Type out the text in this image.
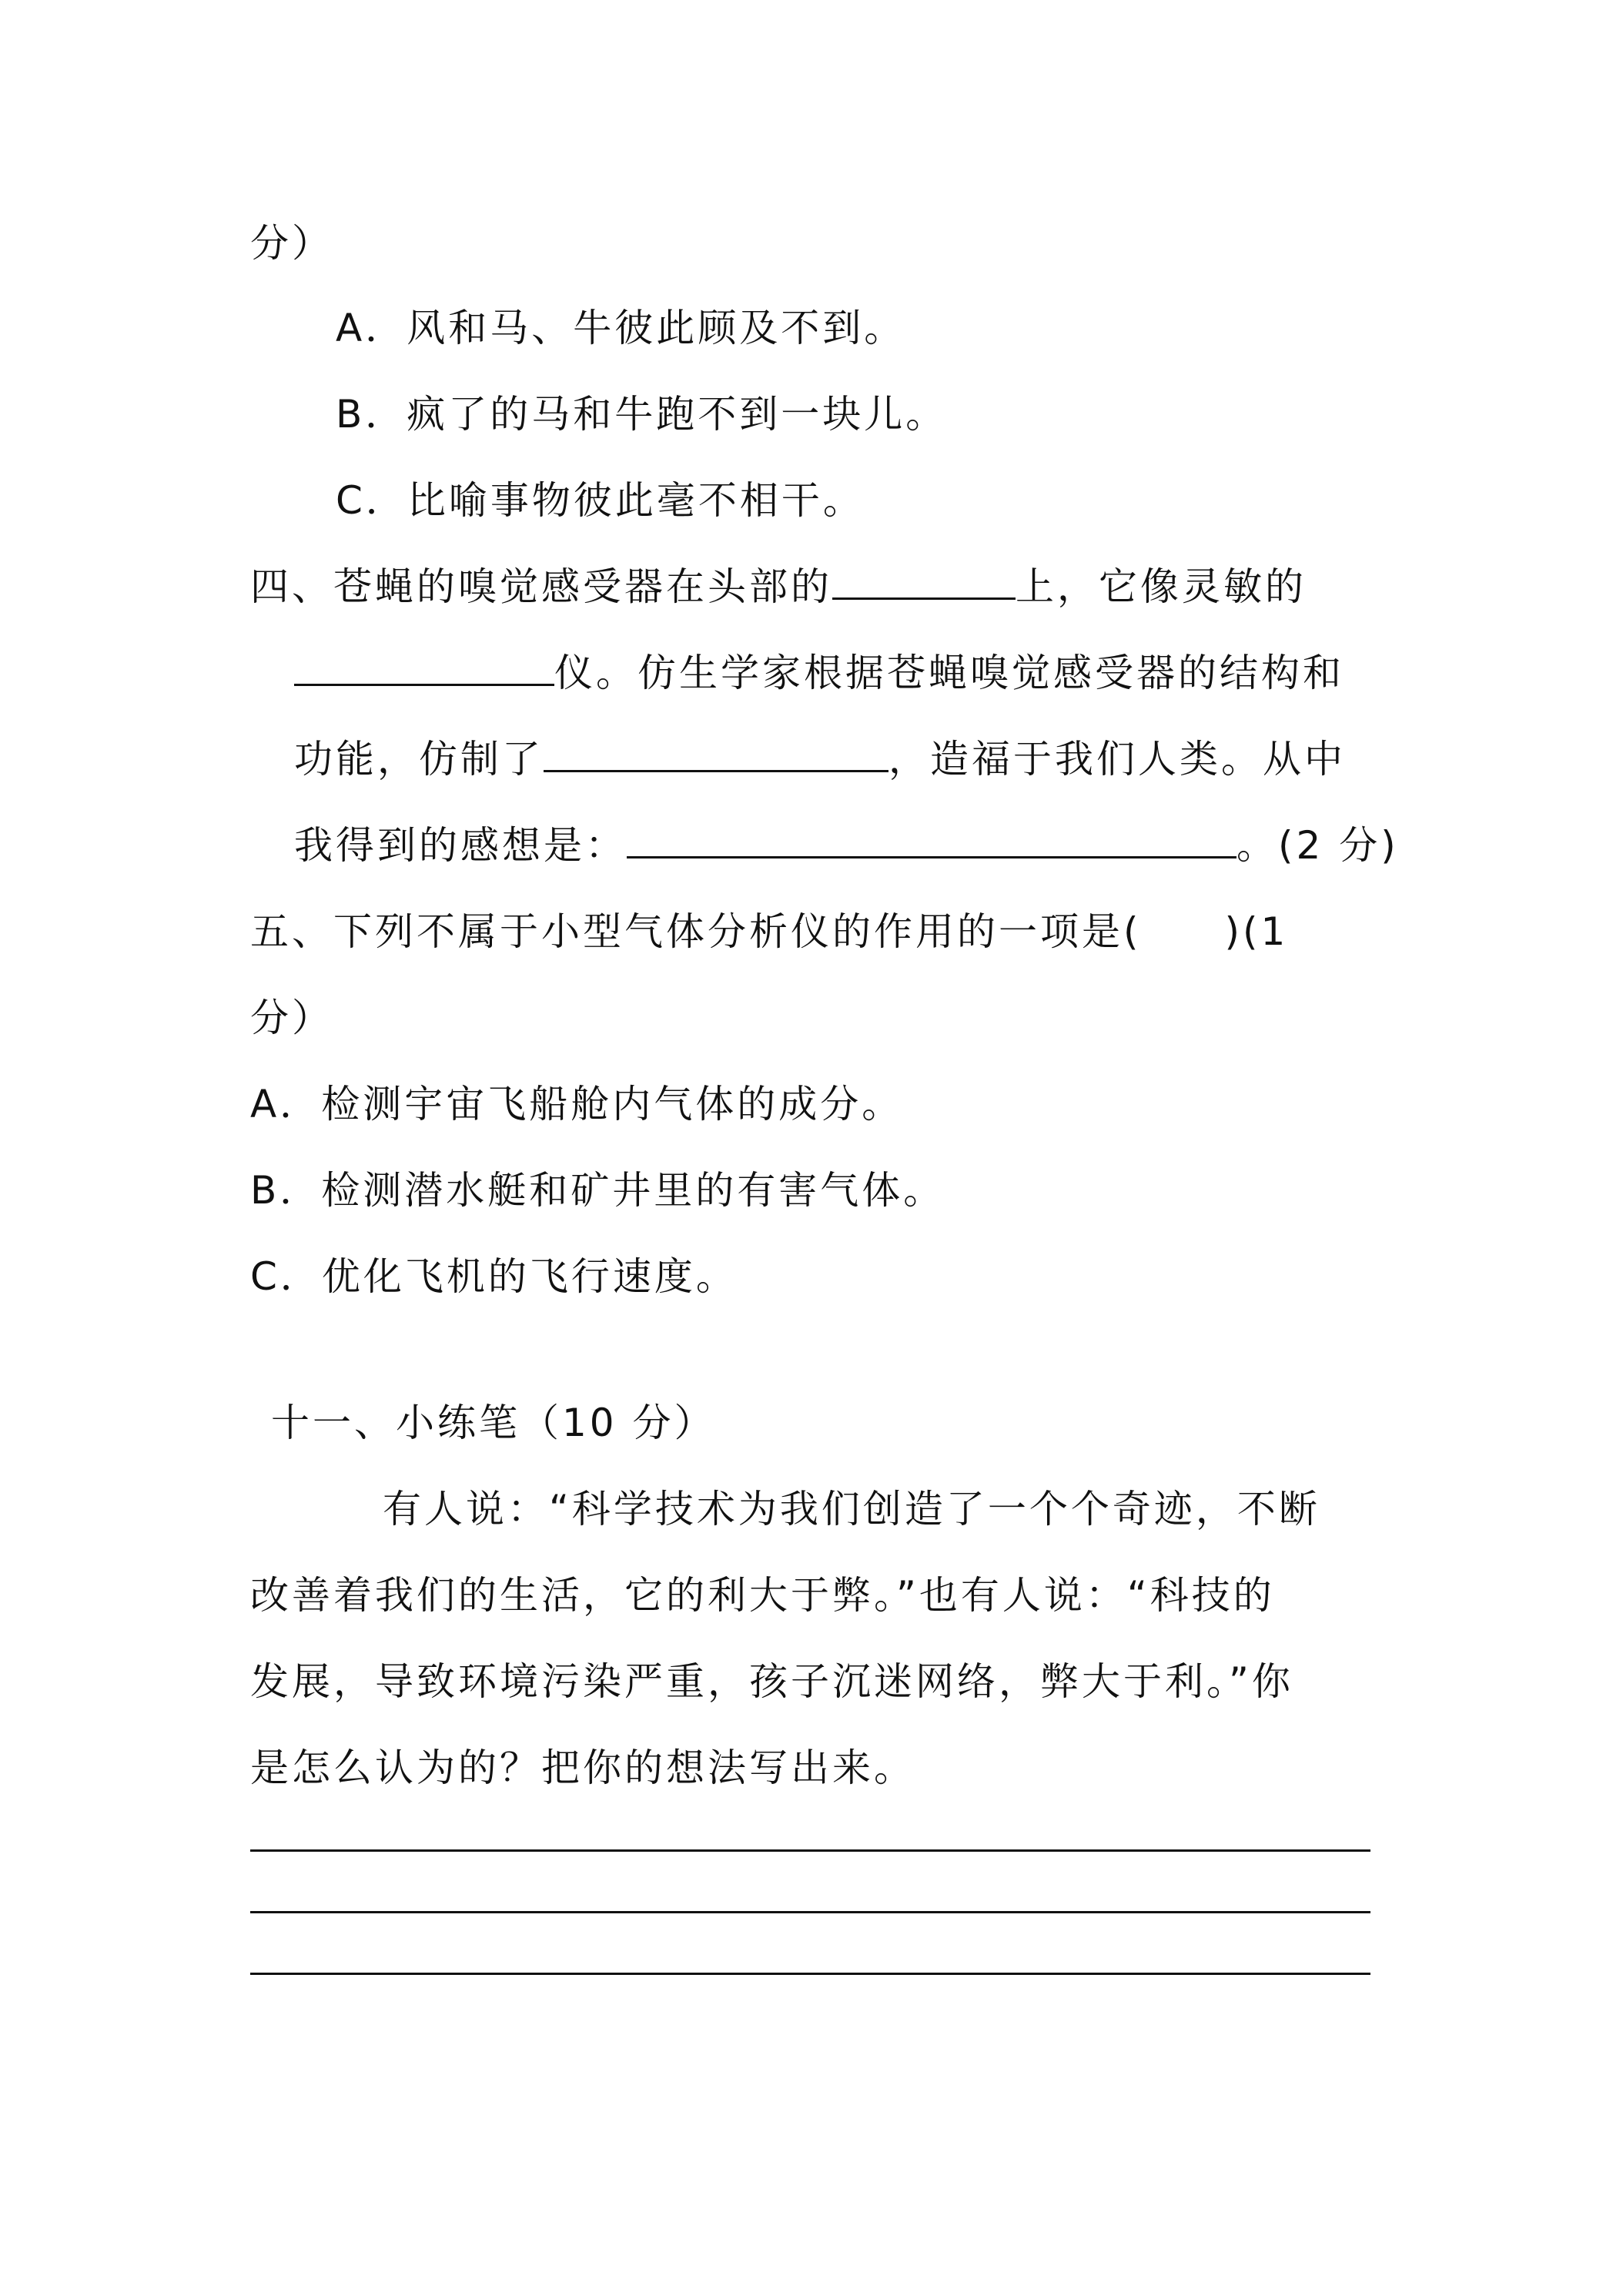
分）
A．风和马、牛彼此顾及不到。
B．疯了的马和牛跑不到一块儿。
C．比喻事物彼此毫不相干。
四、苍蝇的嗅觉感受器在头部的	上，它像灵敏的
仪。仿生学家根据苍蝇嗅觉感受器的结构和
功能，仿制了	，造福于我们人类。从中
我得到的感想是：	。(2 分)
五、下列不属于小型气体分析仪的作用的一项是(　　)(1
分）
A．检测宇宙飞船舱内气体的成分。
B．检测潜水艇和矿井里的有害气体。
C．优化飞机的飞行速度。
十一、小练笔（10 分）
有人说：“科学技术为我们创造了一个个奇迹，不断
改善着我们的生活，它的利大于弊。”也有人说：“科技的
发展，导致环境污染严重，孩子沉迷网络，弊大于利。”你
是怎么认为的？把你的想法写出来。
